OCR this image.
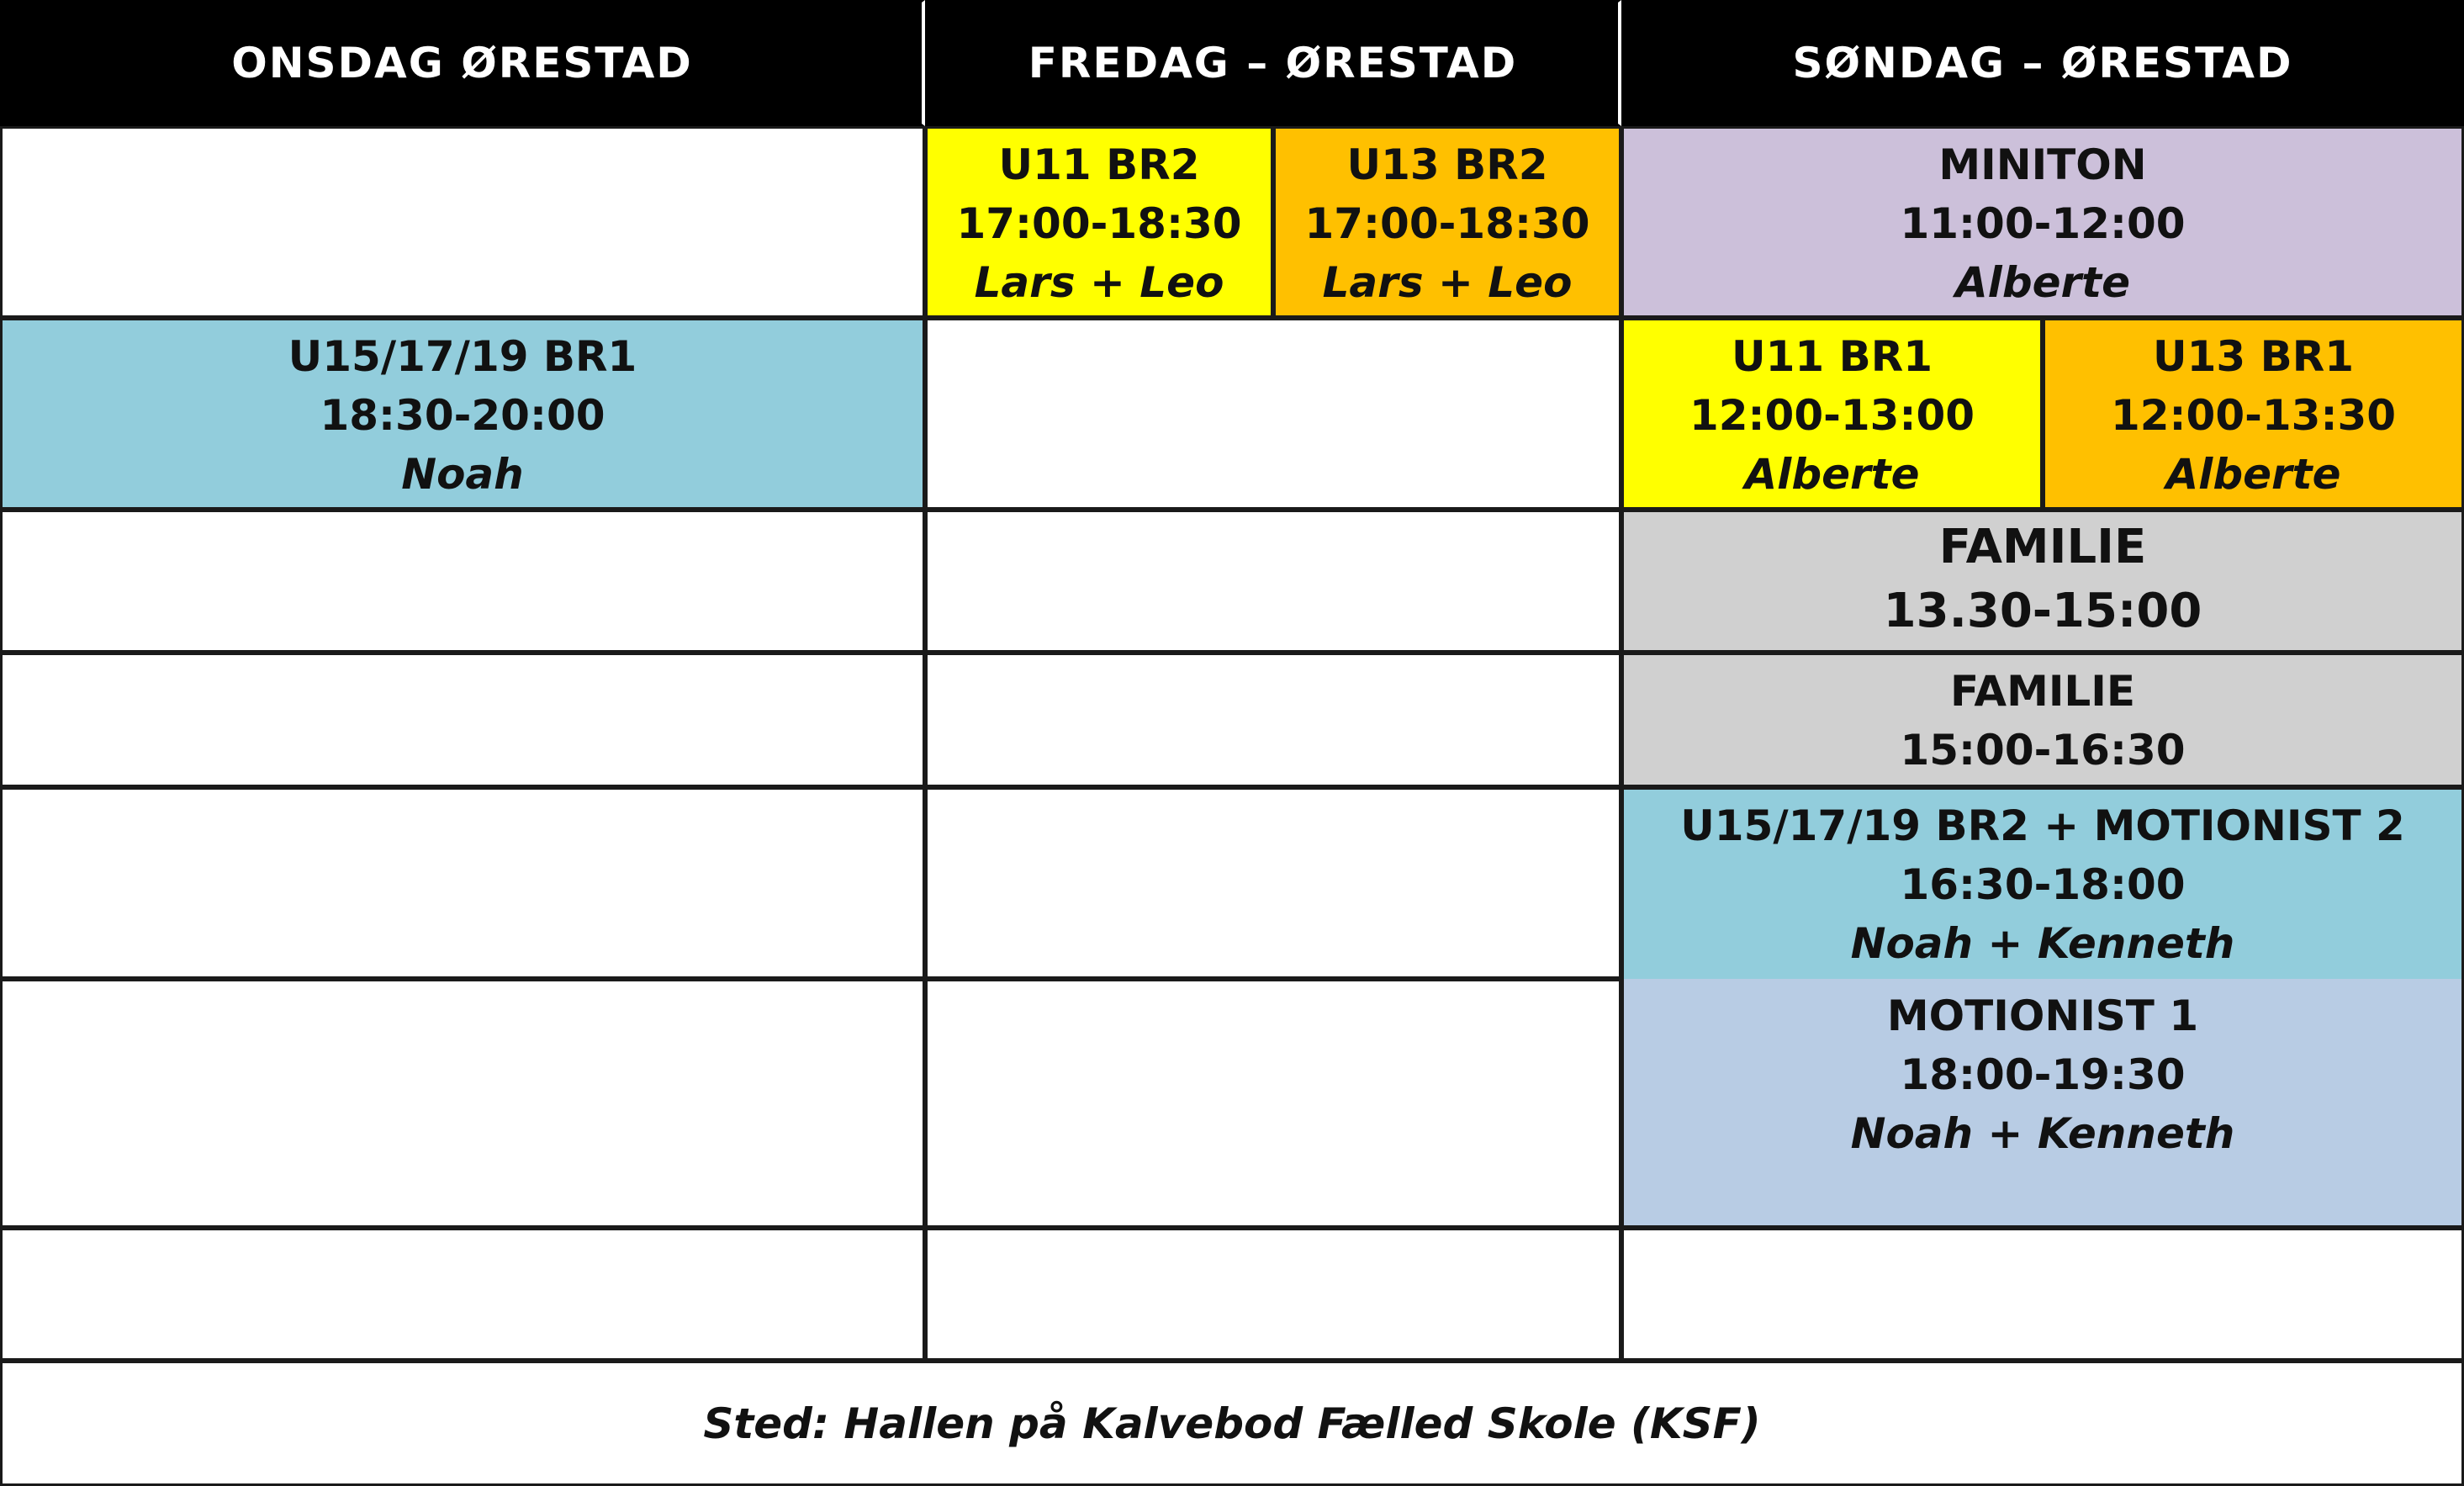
ONSDAG ØRESTAD	FREDAG – ØRESTAD	SØNDAG – ØRESTAD
U11 BR2
17:00-18:30
Lars + Leo
U13 BR2
17:00-18:30
Lars + Leo
MINITON
11:00-12:00
Alberte
U15/17/19 BR1
18:30-20:00
Noah
U11 BR1
12:00-13:00
Alberte
U13 BR1
12:00-13:30
Alberte
FAMILIE
13.30-15:00
FAMILIE
15:00-16:30
U15/17/19 BR2 + MOTIONIST 2
16:30-18:00
Noah + Kenneth
MOTIONIST 1
18:00-19:30
Noah + Kenneth
Sted: Hallen på Kalvebod Fælled Skole (KSF)
